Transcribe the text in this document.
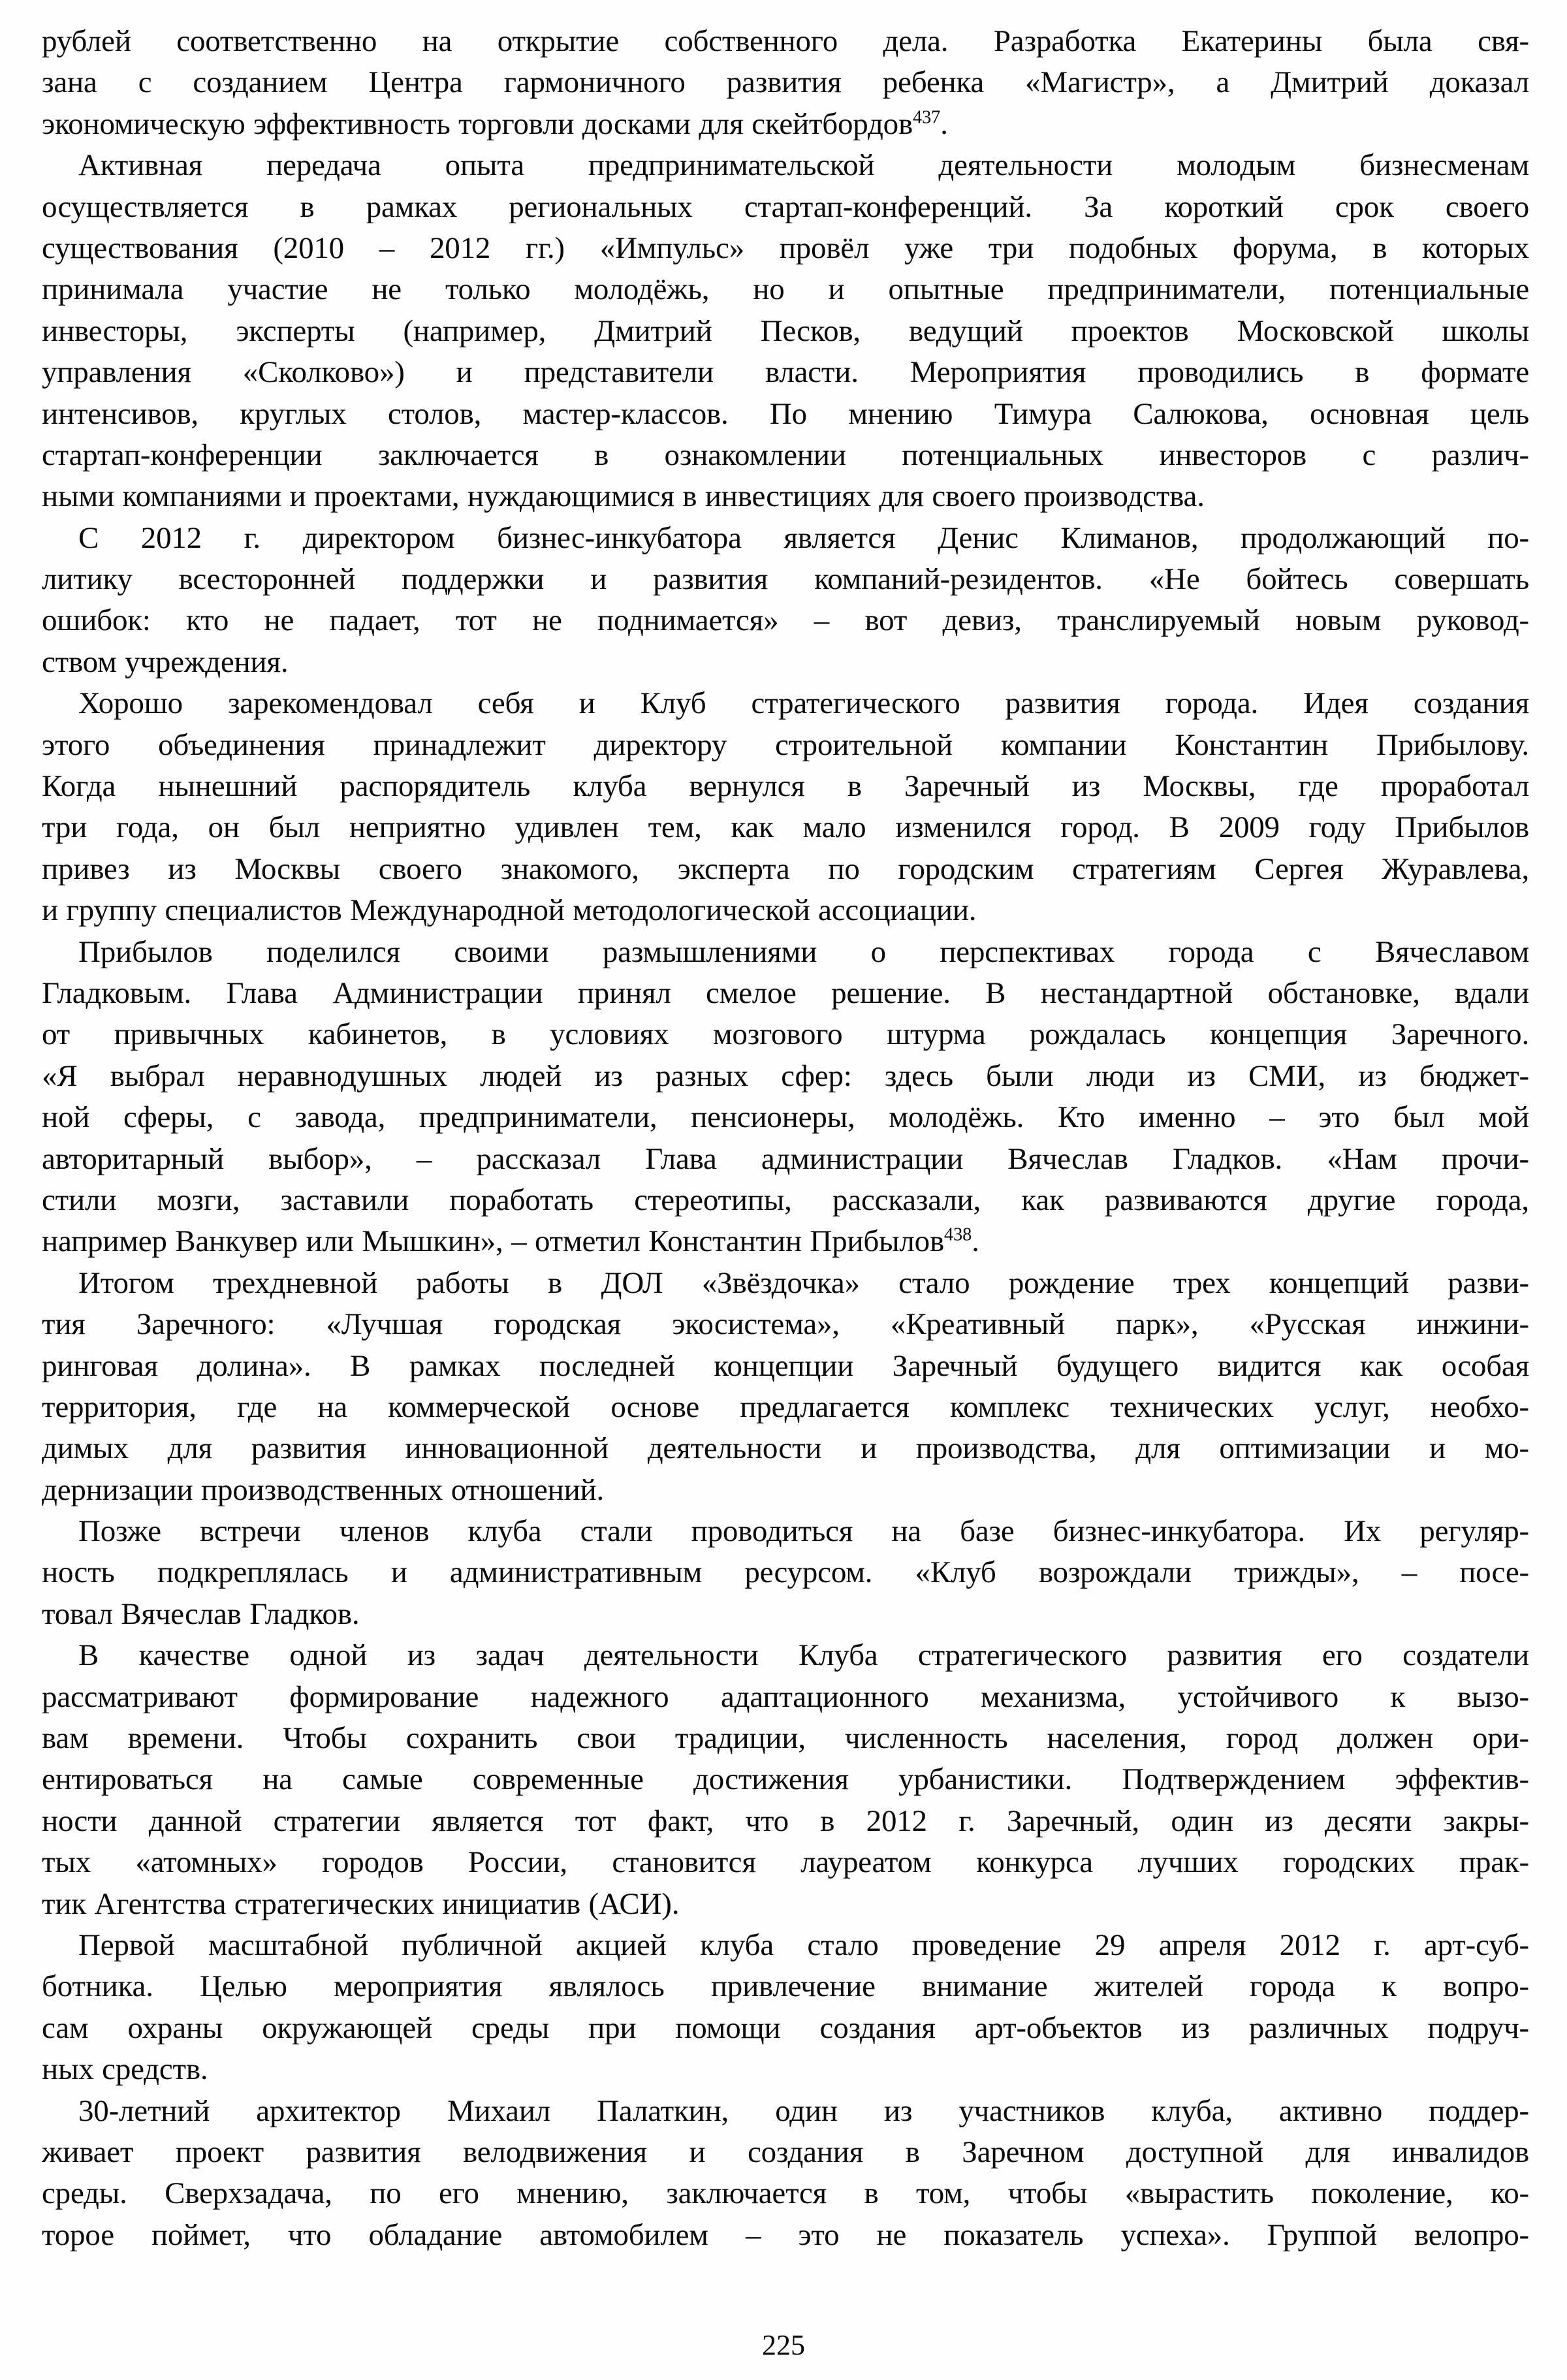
рублей соответственно на открытие собственного дела. Разработка Екатерины была свя-
зана с созданием Центра гармоничного развития ребенка «Магистр», а Дмитрий доказал
экономическую эффективность торговли досками для скейтбордов$^{437}$.
Активная передача опыта предпринимательской деятельности молодым бизнесменам
осуществляется в рамках региональных стартап-конференций. За короткий срок своего
существования (2010 – 2012 гг.) «Импульс» провёл уже три подобных форума, в которых
принимала участие не только молодёжь, но и опытные предприниматели, потенциальные
инвесторы, эксперты (например, Дмитрий Песков, ведущий проектов Московской школы
управления «Сколково») и представители власти. Мероприятия проводились в формате
интенсивов, круглых столов, мастер-классов. По мнению Тимура Салюкова, основная цель
стартап-конференции заключается в ознакомлении потенциальных инвесторов с различ-
ными компаниями и проектами, нуждающимися в инвестициях для своего производства.
С 2012 г. директором бизнес-инкубатора является Денис Климанов, продолжающий по-
литику всесторонней поддержки и развития компаний-резидентов. «Не бойтесь совершать
ошибок: кто не падает, тот не поднимается» – вот девиз, транслируемый новым руковод-
ством учреждения.
Хорошо зарекомендовал себя и Клуб стратегического развития города. Идея создания
этого объединения принадлежит директору строительной компании Константин Прибылову.
Когда нынешний распорядитель клуба вернулся в Заречный из Москвы, где проработал
три года, он был неприятно удивлен тем, как мало изменился город. В 2009 году Прибылов
привез из Москвы своего знакомого, эксперта по городским стратегиям Сергея Журавлева,
и группу специалистов Международной методологической ассоциации.
Прибылов поделился своими размышлениями о перспективах города с Вячеславом
Гладковым. Глава Администрации принял смелое решение. В нестандартной обстановке, вдали
от привычных кабинетов, в условиях мозгового штурма рождалась концепция Заречного.
«Я выбрал неравнодушных людей из разных сфер: здесь были люди из СМИ, из бюджет-
ной сферы, с завода, предприниматели, пенсионеры, молодёжь. Кто именно – это был мой
авторитарный выбор», – рассказал Глава администрации Вячеслав Гладков. «Нам прочи-
стили мозги, заставили поработать стереотипы, рассказали, как развиваются другие города,
например Ванкувер или Мышкин», – отметил Константин Прибылов$^{438}$.
Итогом трехдневной работы в ДОЛ «Звёздочка» стало рождение трех концепций разви-
тия Заречного: «Лучшая городская экосистема», «Креативный парк», «Русская инжини-
ринговая долина». В рамках последней концепции Заречный будущего видится как особая
территория, где на коммерческой основе предлагается комплекс технических услуг, необхо-
димых для развития инновационной деятельности и производства, для оптимизации и мо-
дернизации производственных отношений.
Позже встречи членов клуба стали проводиться на базе бизнес-инкубатора. Их регуляр-
ность подкреплялась и административным ресурсом. «Клуб возрождали трижды», – посе-
товал Вячеслав Гладков.
В качестве одной из задач деятельности Клуба стратегического развития его создатели
рассматривают формирование надежного адаптационного механизма, устойчивого к вызо-
вам времени. Чтобы сохранить свои традиции, численность населения, город должен ори-
ентироваться на самые современные достижения урбанистики. Подтверждением эффектив-
ности данной стратегии является тот факт, что в 2012 г. Заречный, один из десяти закры-
тых «атомных» городов России, становится лауреатом конкурса лучших городских прак-
тик Агентства стратегических инициатив (АСИ).
Первой масштабной публичной акцией клуба стало проведение 29 апреля 2012 г. арт-суб-
ботника. Целью мероприятия являлось привлечение внимание жителей города к вопро-
сам охраны окружающей среды при помощи создания арт-объектов из различных подруч-
ных средств.
30-летний архитектор Михаил Палаткин, один из участников клуба, активно поддер-
живает проект развития велодвижения и создания в Заречном доступной для инвалидов
среды. Сверхзадача, по его мнению, заключается в том, чтобы «вырастить поколение, ко-
торое поймет, что обладание автомобилем – это не показатель успеха». Группой велопро-
225
